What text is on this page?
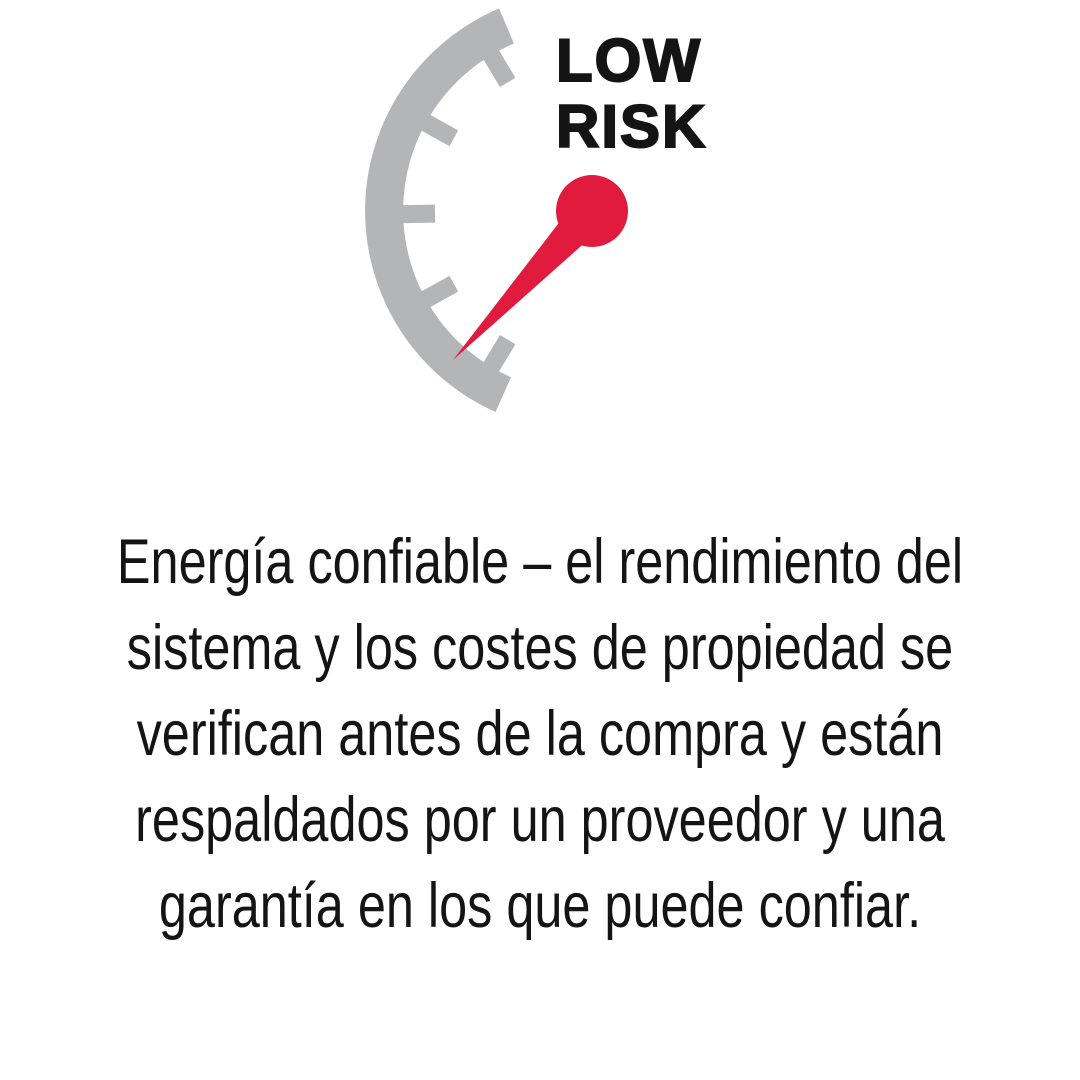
LOW
RISK
Energía confiable – el rendimiento del
sistema y los costes de propiedad se
verifican antes de la compra y están
respaldados por un proveedor y una
garantía en los que puede confiar.
